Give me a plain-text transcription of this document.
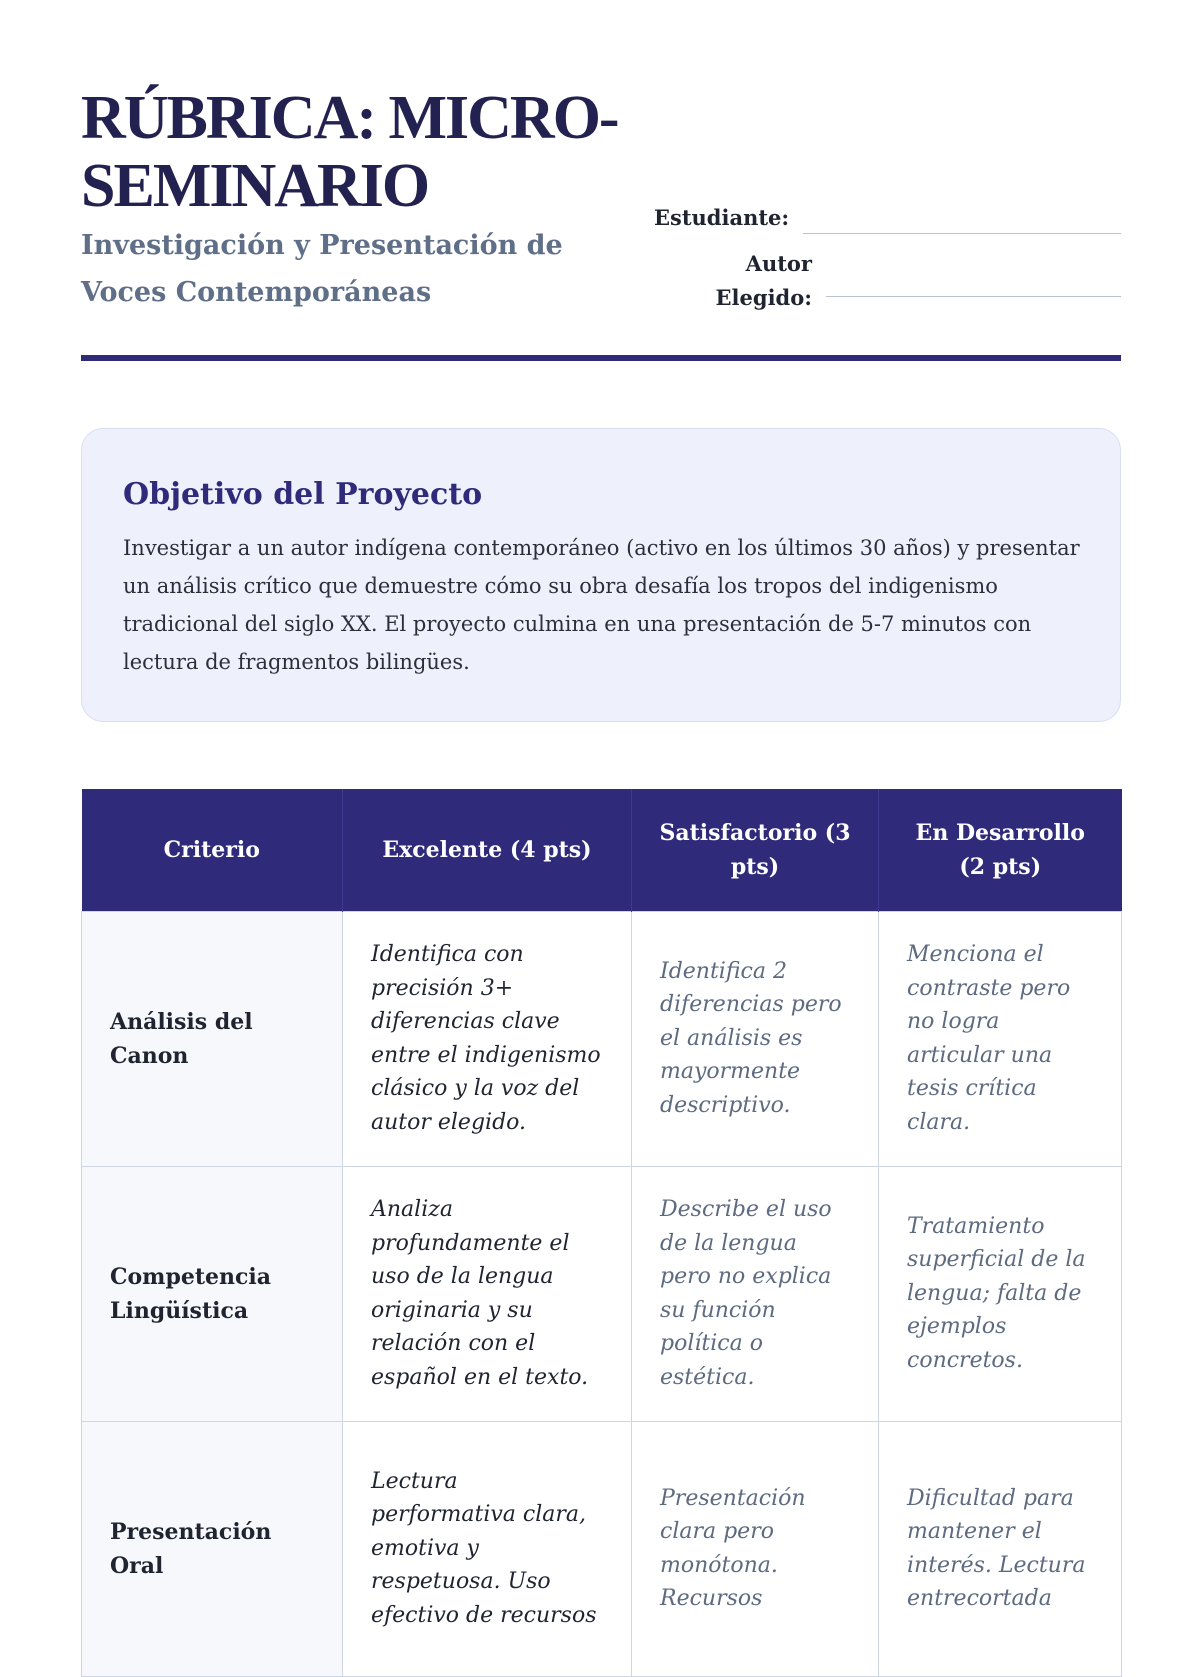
RÚBRICA: MICRO-SEMINARIO
Investigación y Presentación de Voces Contemporáneas
Estudiante:
Autor
Elegido:
Objetivo del Proyecto

Investigar a un autor indígena contemporáneo (activo en los últimos 30 años) y presentar un análisis crítico que demuestre cómo su obra desafía los tropos del indigenismo tradicional del siglo XX. El proyecto culmina en una presentación de 5-7 minutos con lectura de fragmentos bilingües.

Criterio	Excelente (4 pts)	Satisfactorio (3 pts)	En Desarrollo (2 pts)
Análisis del Canon	Identifica con precisión 3+ diferencias clave entre el indigenismo clásico y la voz del autor elegido.	Identifica 2 diferencias pero el análisis es mayormente descriptivo.	Menciona el contraste pero no logra articular una tesis crítica clara.
Competencia Lingüística	Analiza profundamente el uso de la lengua originaria y su relación con el español en el texto.	Describe el uso de la lengua pero no explica su función política o estética.	Tratamiento superficial de la lengua; falta de ejemplos concretos.
Presentación Oral	Lectura performativa clara, emotiva y respetuosa. Uso efectivo de recursos	Presentación clara pero monótona. Recursos	Dificultad para mantener el interés. Lectura entrecortada
